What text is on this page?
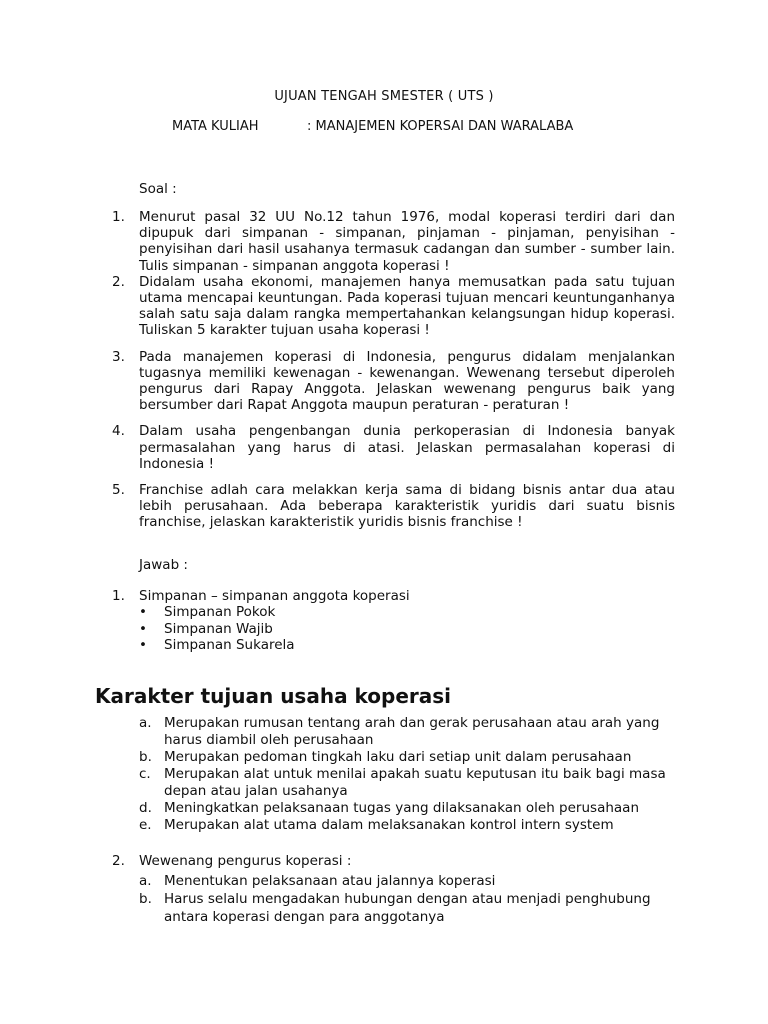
UJUAN TENGAH SMESTER ( UTS )
MATA KULIAH	: MANAJEMEN KOPERSAI DAN WARALABA
Soal :
1. Menurut pasal 32 UU No.12 tahun 1976, modal koperasi terdiri dari dan dipupuk dari simpanan - simpanan, pinjaman - pinjaman, penyisihan - penyisihan dari hasil usahanya termasuk cadangan dan sumber - sumber lain. Tulis simpanan - simpanan anggota koperasi !
2. Didalam usaha ekonomi, manajemen hanya memusatkan pada satu tujuan utama mencapai keuntungan. Pada koperasi tujuan mencari keuntunganhanya salah satu saja dalam rangka mempertahankan kelangsungan hidup koperasi. Tuliskan 5 karakter tujuan usaha koperasi !
3. Pada manajemen koperasi di Indonesia, pengurus didalam menjalankan tugasnya memiliki kewenagan - kewenangan. Wewenang tersebut diperoleh pengurus dari Rapay Anggota. Jelaskan wewenang pengurus baik yang bersumber dari Rapat Anggota maupun peraturan - peraturan !
4. Dalam usaha pengenbangan dunia perkoperasian di Indonesia banyak permasalahan yang harus di atasi. Jelaskan permasalahan koperasi di Indonesia !
5. Franchise adlah cara melakkan kerja sama di bidang bisnis antar dua atau lebih perusahaan. Ada beberapa karakteristik yuridis dari suatu bisnis franchise, jelaskan karakteristik yuridis bisnis franchise !
Jawab :
1. Simpanan – simpanan anggota koperasi
• Simpanan Pokok
• Simpanan Wajib
• Simpanan Sukarela
Karakter tujuan usaha koperasi
a. Merupakan rumusan tentang arah dan gerak perusahaan atau arah yang harus diambil oleh perusahaan
b. Merupakan pedoman tingkah laku dari setiap unit dalam perusahaan
c. Merupakan alat untuk menilai apakah suatu keputusan itu baik bagi masa depan atau jalan usahanya
d. Meningkatkan pelaksanaan tugas yang dilaksanakan oleh perusahaan
e. Merupakan alat utama dalam melaksanakan kontrol intern system
2. Wewenang pengurus koperasi :
a. Menentukan pelaksanaan atau jalannya koperasi
b. Harus selalu mengadakan hubungan dengan atau menjadi penghubung antara koperasi dengan para anggotanya
